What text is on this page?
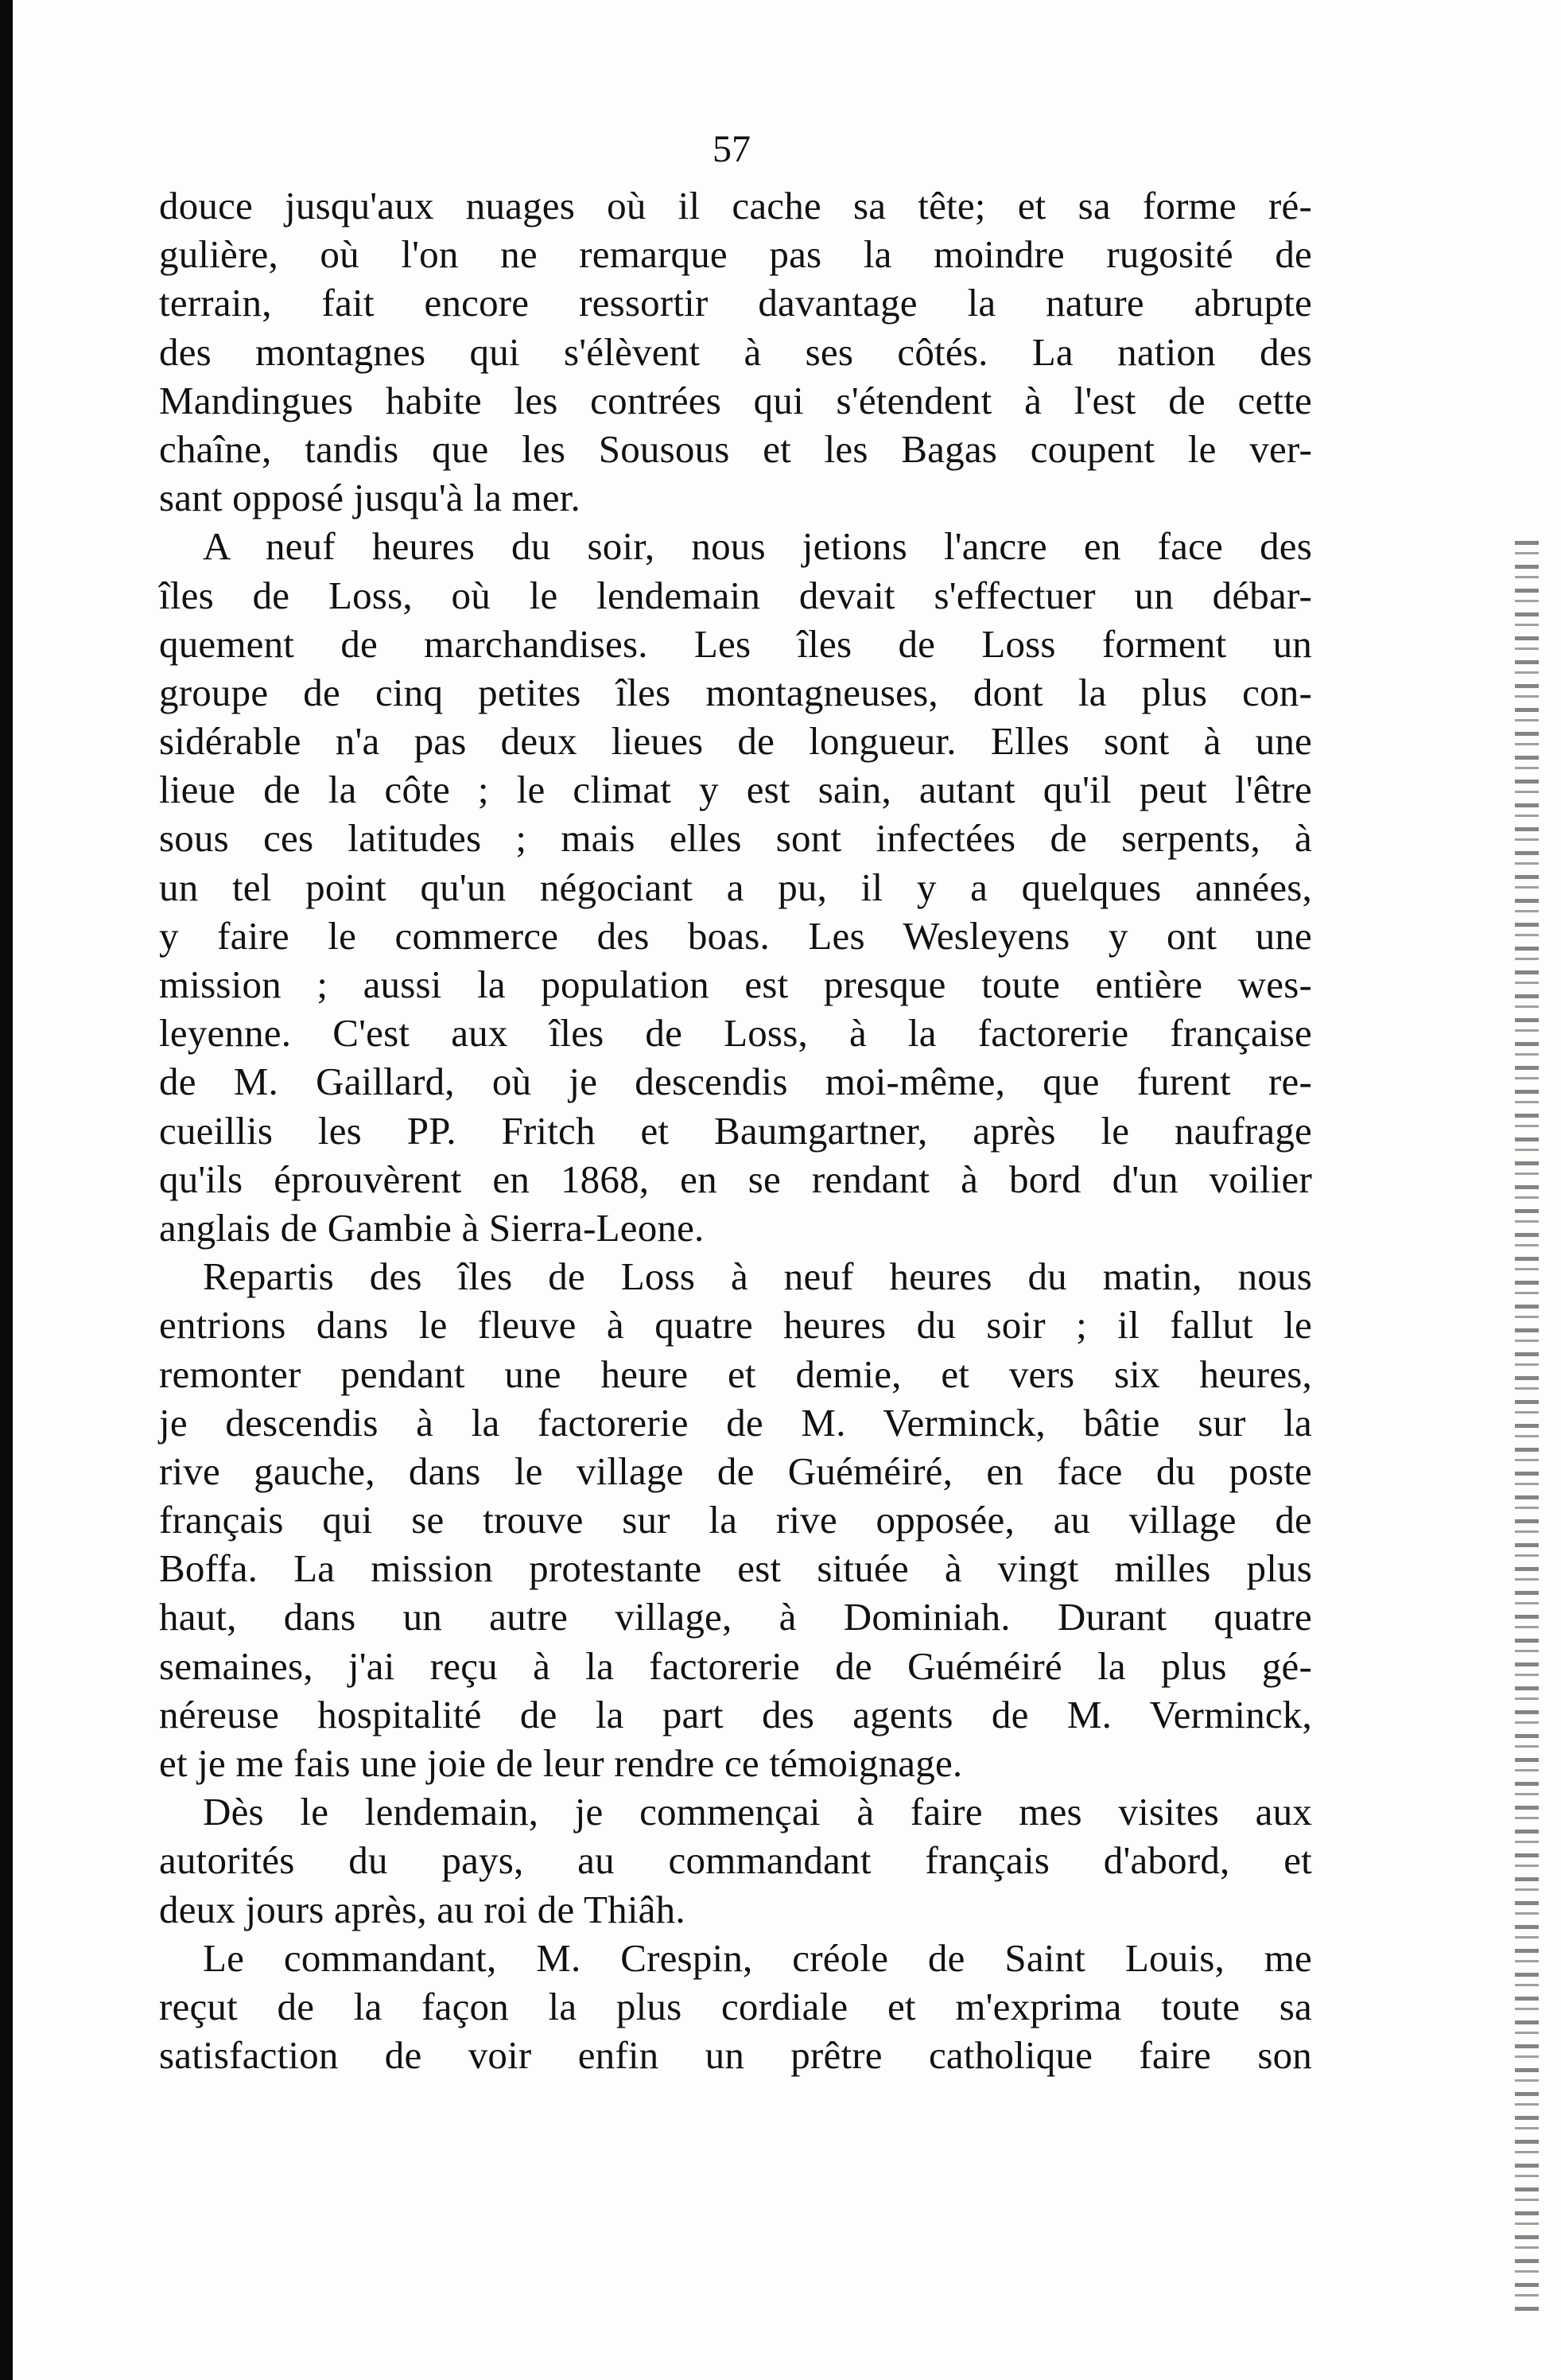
57
douce jusqu'aux nuages où il cache sa tête; et sa forme ré-
gulière, où l'on ne remarque pas la moindre rugosité de
terrain, fait encore ressortir davantage la nature abrupte
des montagnes qui s'élèvent à ses côtés. La nation des
Mandingues habite les contrées qui s'étendent à l'est de cette
chaîne, tandis que les Sousous et les Bagas coupent le ver-
sant opposé jusqu'à la mer.
A neuf heures du soir, nous jetions l'ancre en face des
îles de Loss, où le lendemain devait s'effectuer un débar-
quement de marchandises. Les îles de Loss forment un
groupe de cinq petites îles montagneuses, dont la plus con-
sidérable n'a pas deux lieues de longueur. Elles sont à une
lieue de la côte ; le climat y est sain, autant qu'il peut l'être
sous ces latitudes ; mais elles sont infectées de serpents, à
un tel point qu'un négociant a pu, il y a quelques années,
y faire le commerce des boas. Les Wesleyens y ont une
mission ; aussi la population est presque toute entière wes-
leyenne. C'est aux îles de Loss, à la factorerie française
de M. Gaillard, où je descendis moi-même, que furent re-
cueillis les PP. Fritch et Baumgartner, après le naufrage
qu'ils éprouvèrent en 1868, en se rendant à bord d'un voilier
anglais de Gambie à Sierra-Leone.
Repartis des îles de Loss à neuf heures du matin, nous
entrions dans le fleuve à quatre heures du soir ; il fallut le
remonter pendant une heure et demie, et vers six heures,
je descendis à la factorerie de M. Verminck, bâtie sur la
rive gauche, dans le village de Guéméiré, en face du poste
français qui se trouve sur la rive opposée, au village de
Boffa. La mission protestante est située à vingt milles plus
haut, dans un autre village, à Dominiah. Durant quatre
semaines, j'ai reçu à la factorerie de Guéméiré la plus gé-
néreuse hospitalité de la part des agents de M. Verminck,
et je me fais une joie de leur rendre ce témoignage.
Dès le lendemain, je commençai à faire mes visites aux
autorités du pays, au commandant français d'abord, et
deux jours après, au roi de Thiâh.
Le commandant, M. Crespin, créole de Saint Louis, me
reçut de la façon la plus cordiale et m'exprima toute sa
satisfaction de voir enfin un prêtre catholique faire son
